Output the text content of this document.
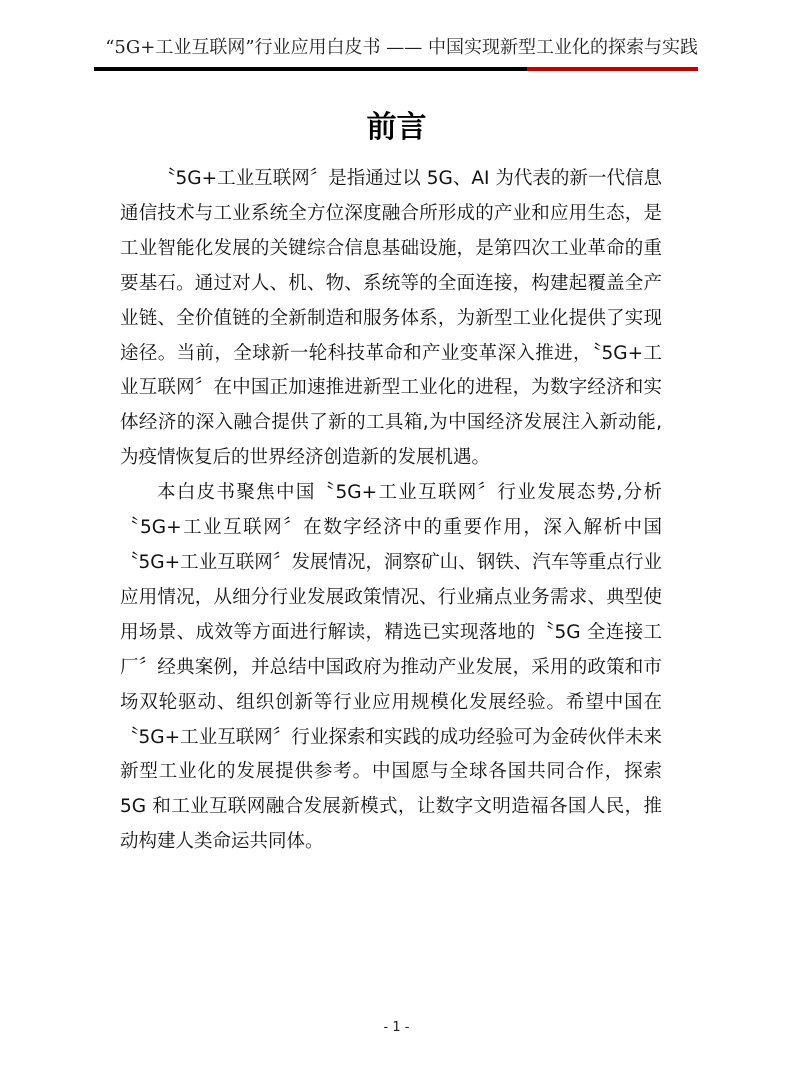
“5G+工业互联网”行业应用白皮书 —— 中国实现新型工业化的探索与实践
前言

〝5G+工业互联网〞是指通过以 5G、AI 为代表的新一代信息通信技术与工业系统全方位深度融合所形成的产业和应用生态，是工业智能化发展的关键综合信息基础设施，是第四次工业革命的重要基石。通过对人、机、物、系统等的全面连接，构建起覆盖全产业链、全价值链的全新制造和服务体系，为新型工业化提供了实现途径。当前，全球新一轮科技革命和产业变革深入推进，〝5G+工业互联网〞在中国正加速推进新型工业化的进程，为数字经济和实体经济的深入融合提供了新的工具箱,为中国经济发展注入新动能,为疫情恢复后的世界经济创造新的发展机遇。

本白皮书聚焦中国〝5G+工业互联网〞行业发展态势,分析〝5G+工业互联网〞在数字经济中的重要作用，深入解析中国〝5G+工业互联网〞发展情况，洞察矿山、钢铁、汽车等重点行业应用情况，从细分行业发展政策情况、行业痛点业务需求、典型使用场景、成效等方面进行解读，精选已实现落地的〝5G 全连接工厂〞经典案例，并总结中国政府为推动产业发展，采用的政策和市场双轮驱动、组织创新等行业应用规模化发展经验。希望中国在〝5G+工业互联网〞行业探索和实践的成功经验可为金砖伙伴未来新型工业化的发展提供参考。中国愿与全球各国共同合作，探索 5G 和工业互联网融合发展新模式，让数字文明造福各国人民，推动构建人类命运共同体。

- 1 -
